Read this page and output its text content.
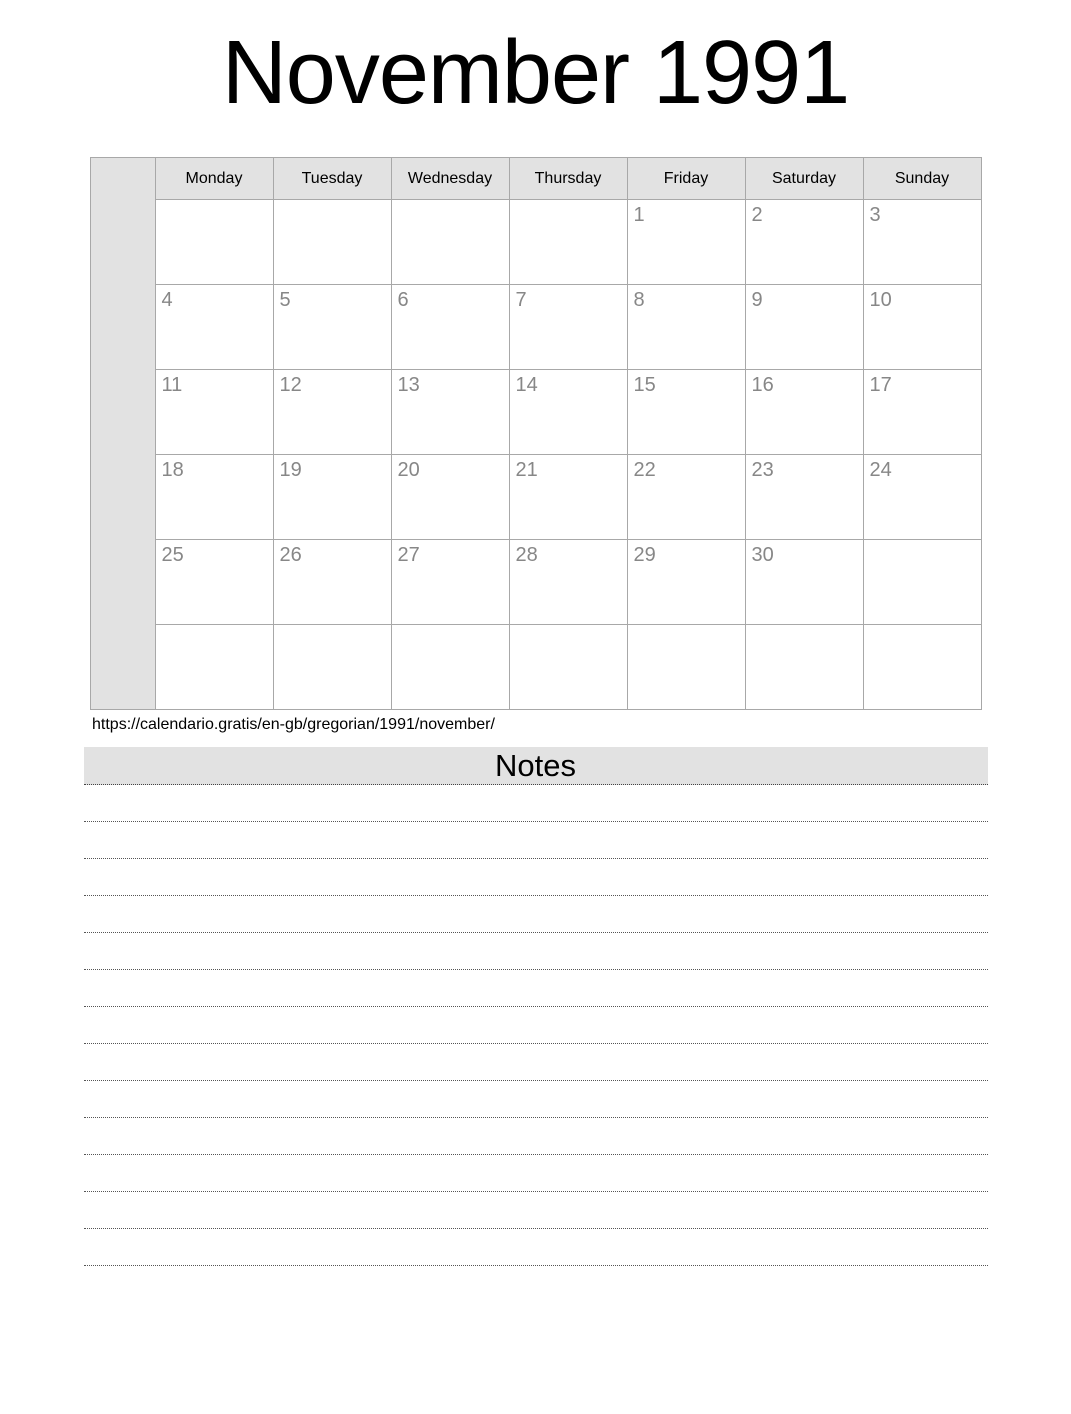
November 1991
	Monday	Tuesday	Wednesday	Thursday	Friday	Saturday	Sunday

					1	2	3

	4	5	6	7	8	9	10

	11	12	13	14	15	16	17

	18	19	20	21	22	23	24

	25	26	27	28	29	30	

https://calendario.gratis/en-gb/gregorian/1991/november/
Notes
